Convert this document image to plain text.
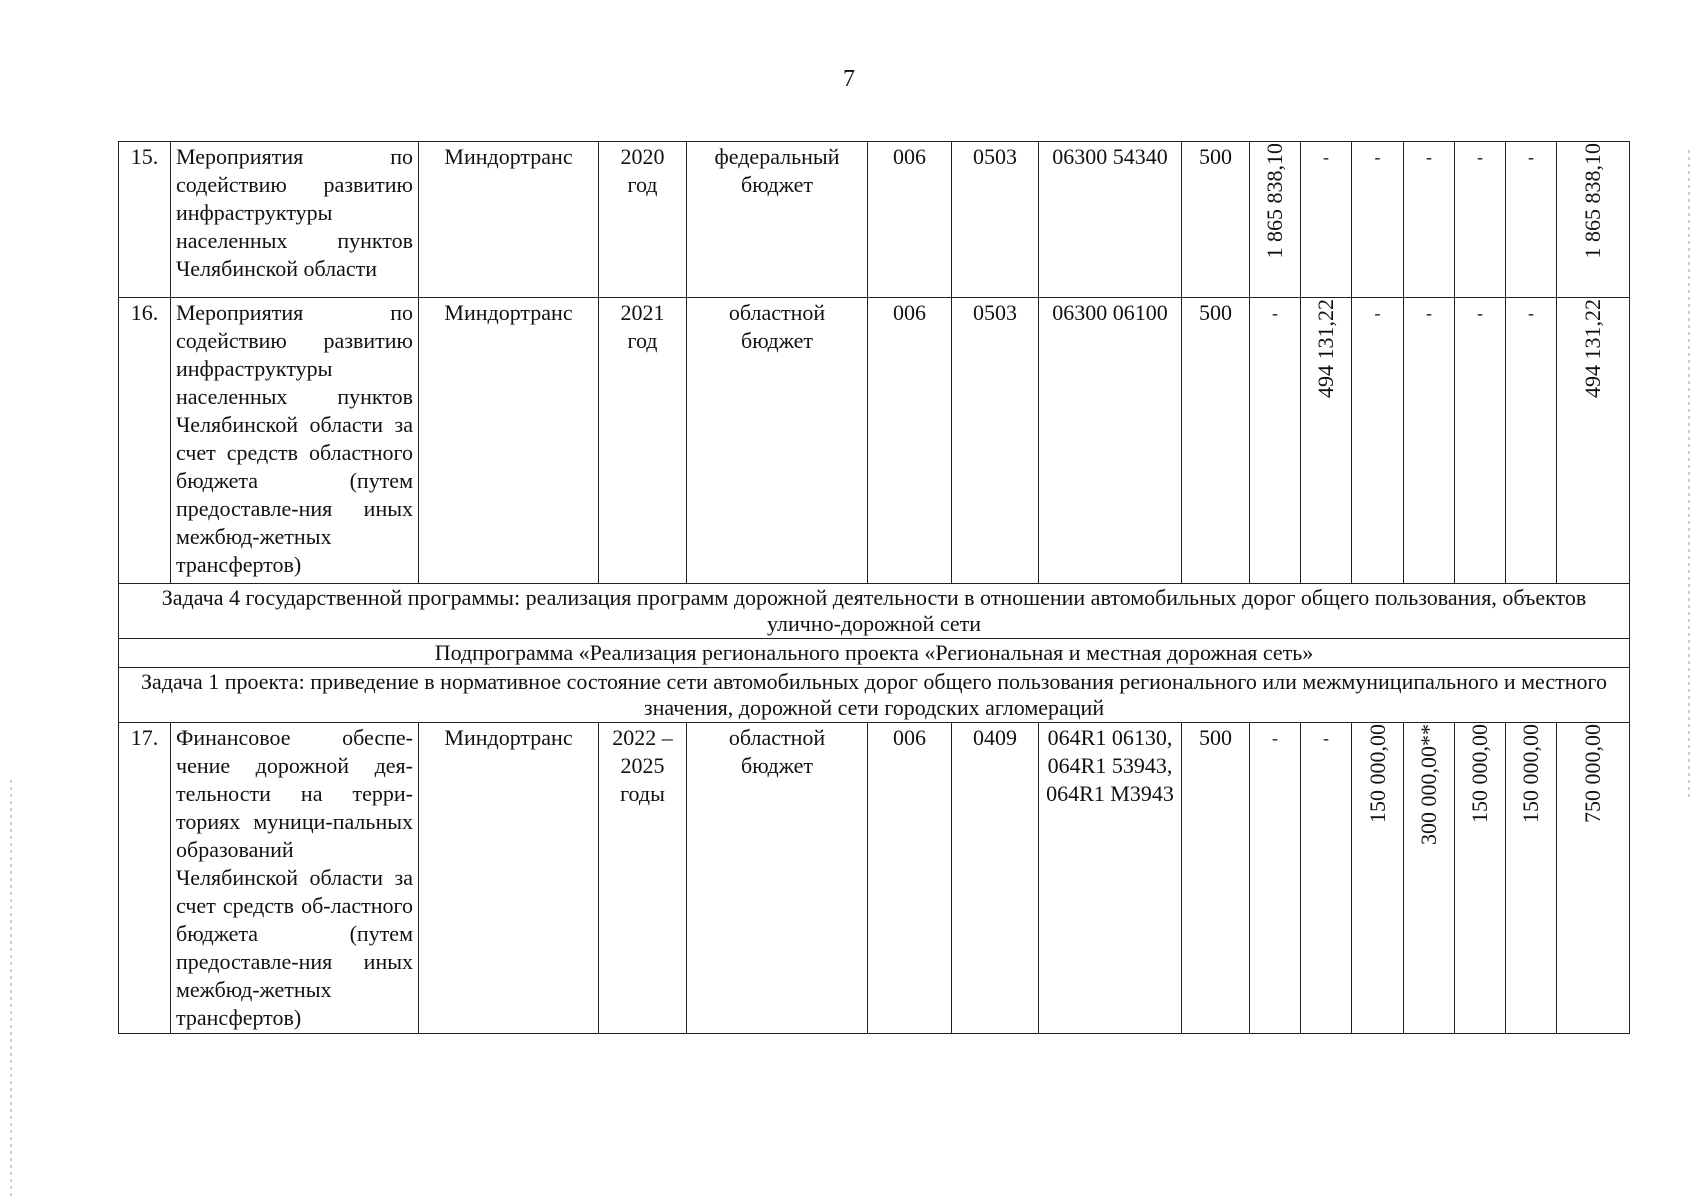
7
15.	Мероприятия по содействию развитию инфраструктуры населенных пунктов Челябинской области	Миндортранс	2020 год	федеральный бюджет	006	0503	06300 54340	500	1 865 838,10	-	-	-	-	-	1 865 838,10
16.	Мероприятия по содействию развитию инфраструктуры населенных пунктов Челябинской области за счет средств областного бюджета (путем предоставле-ния иных межбюд-жетных трансфертов)	Миндортранс	2021 год	областной бюджет	006	0503	06300 06100	500	-	494 131,22	-	-	-	-	494 131,22
Задача 4 государственной программы: реализация программ дорожной деятельности в отношении автомобильных дорог общего пользования, объектов улично-дорожной сети															
Подпрограмма «Реализация регионального проекта «Региональная и местная дорожная сеть»															
Задача 1 проекта: приведение в нормативное состояние сети автомобильных дорог общего пользования регионального или межмуниципального и местного значения, дорожной сети городских агломераций															
17.	Финансовое обеспе-чение дорожной дея-тельности на терри-ториях муници-пальных образований Челябинской области за счет средств об-ластного бюджета (путем предоставле-ния иных межбюд-жетных трансфертов)	Миндортранс	2022 – 2025 годы	областной бюджет	006	0409	064R1 06130, 064R1 53943, 064R1 M3943	500	-	-	150 000,00	300 000,00**	150 000,00	150 000,00	750 000,00
